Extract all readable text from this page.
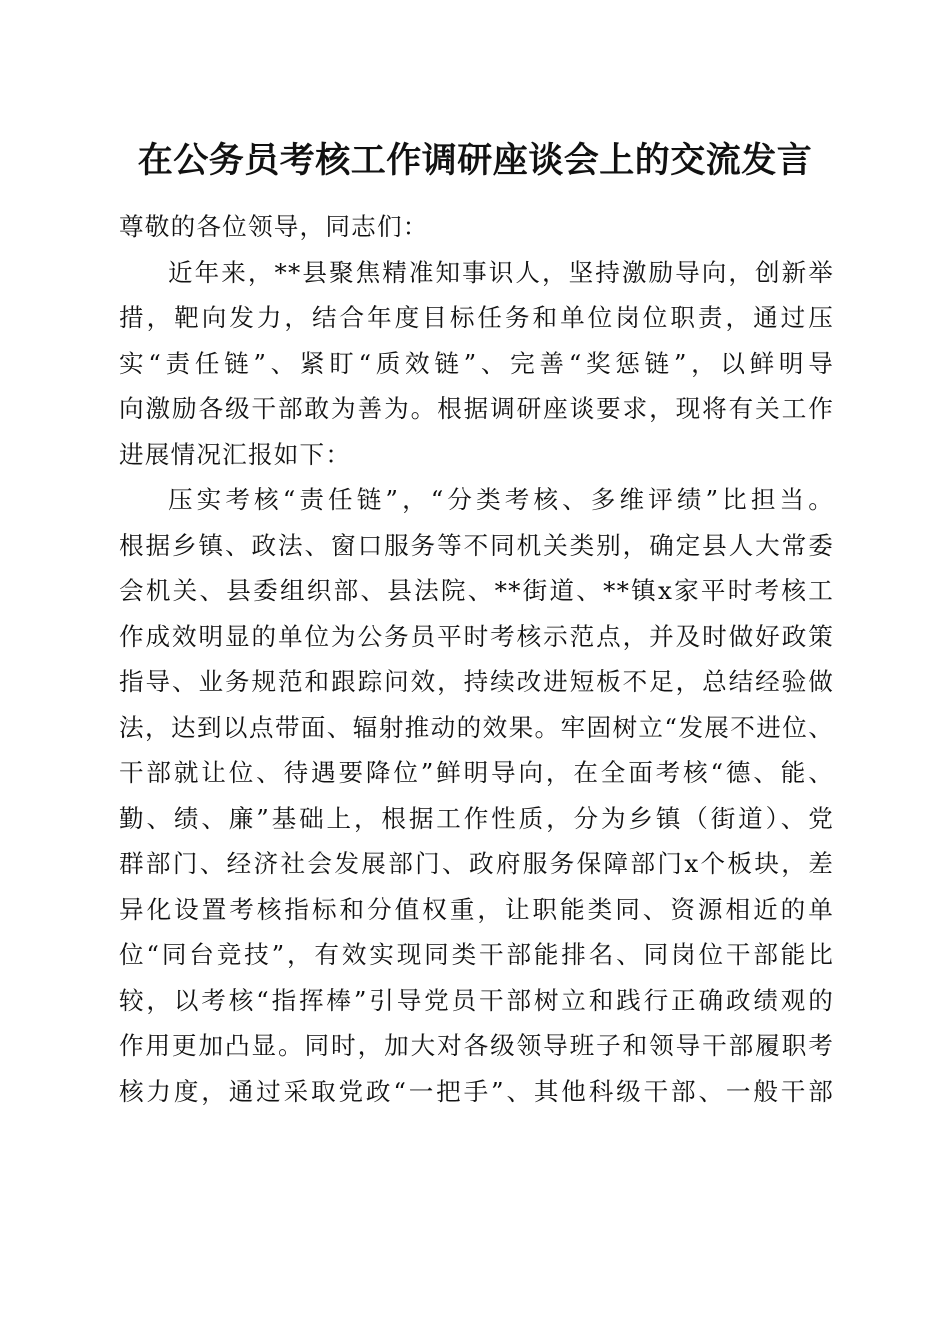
在公务员考核工作调研座谈会上的交流发言
尊敬的各位领导，同志们：
近年来，**县聚焦精准知事识人，坚持激励导向，创新举
措，靶向发力，结合年度目标任务和单位岗位职责，通过压
实“责任链”、紧盯“质效链”、完善“奖惩链”，以鲜明导
向激励各级干部敢为善为。根据调研座谈要求，现将有关工作
进展情况汇报如下：
压实考核“责任链”，“分类考核、多维评绩”比担当。
根据乡镇、政法、窗口服务等不同机关类别，确定县人大常委
会机关、县委组织部、县法院、**街道、**镇x家平时考核工
作成效明显的单位为公务员平时考核示范点，并及时做好政策
指导、业务规范和跟踪问效，持续改进短板不足，总结经验做
法，达到以点带面、辐射推动的效果。牢固树立“发展不进位、
干部就让位、待遇要降位”鲜明导向，在全面考核“德、能、
勤、绩、廉”基础上，根据工作性质，分为乡镇（街道）、党
群部门、经济社会发展部门、政府服务保障部门x个板块，差
异化设置考核指标和分值权重，让职能类同、资源相近的单
位“同台竞技”，有效实现同类干部能排名、同岗位干部能比
较，以考核“指挥棒”引导党员干部树立和践行正确政绩观的
作用更加凸显。同时，加大对各级领导班子和领导干部履职考
核力度，通过采取党政“一把手”、其他科级干部、一般干部
